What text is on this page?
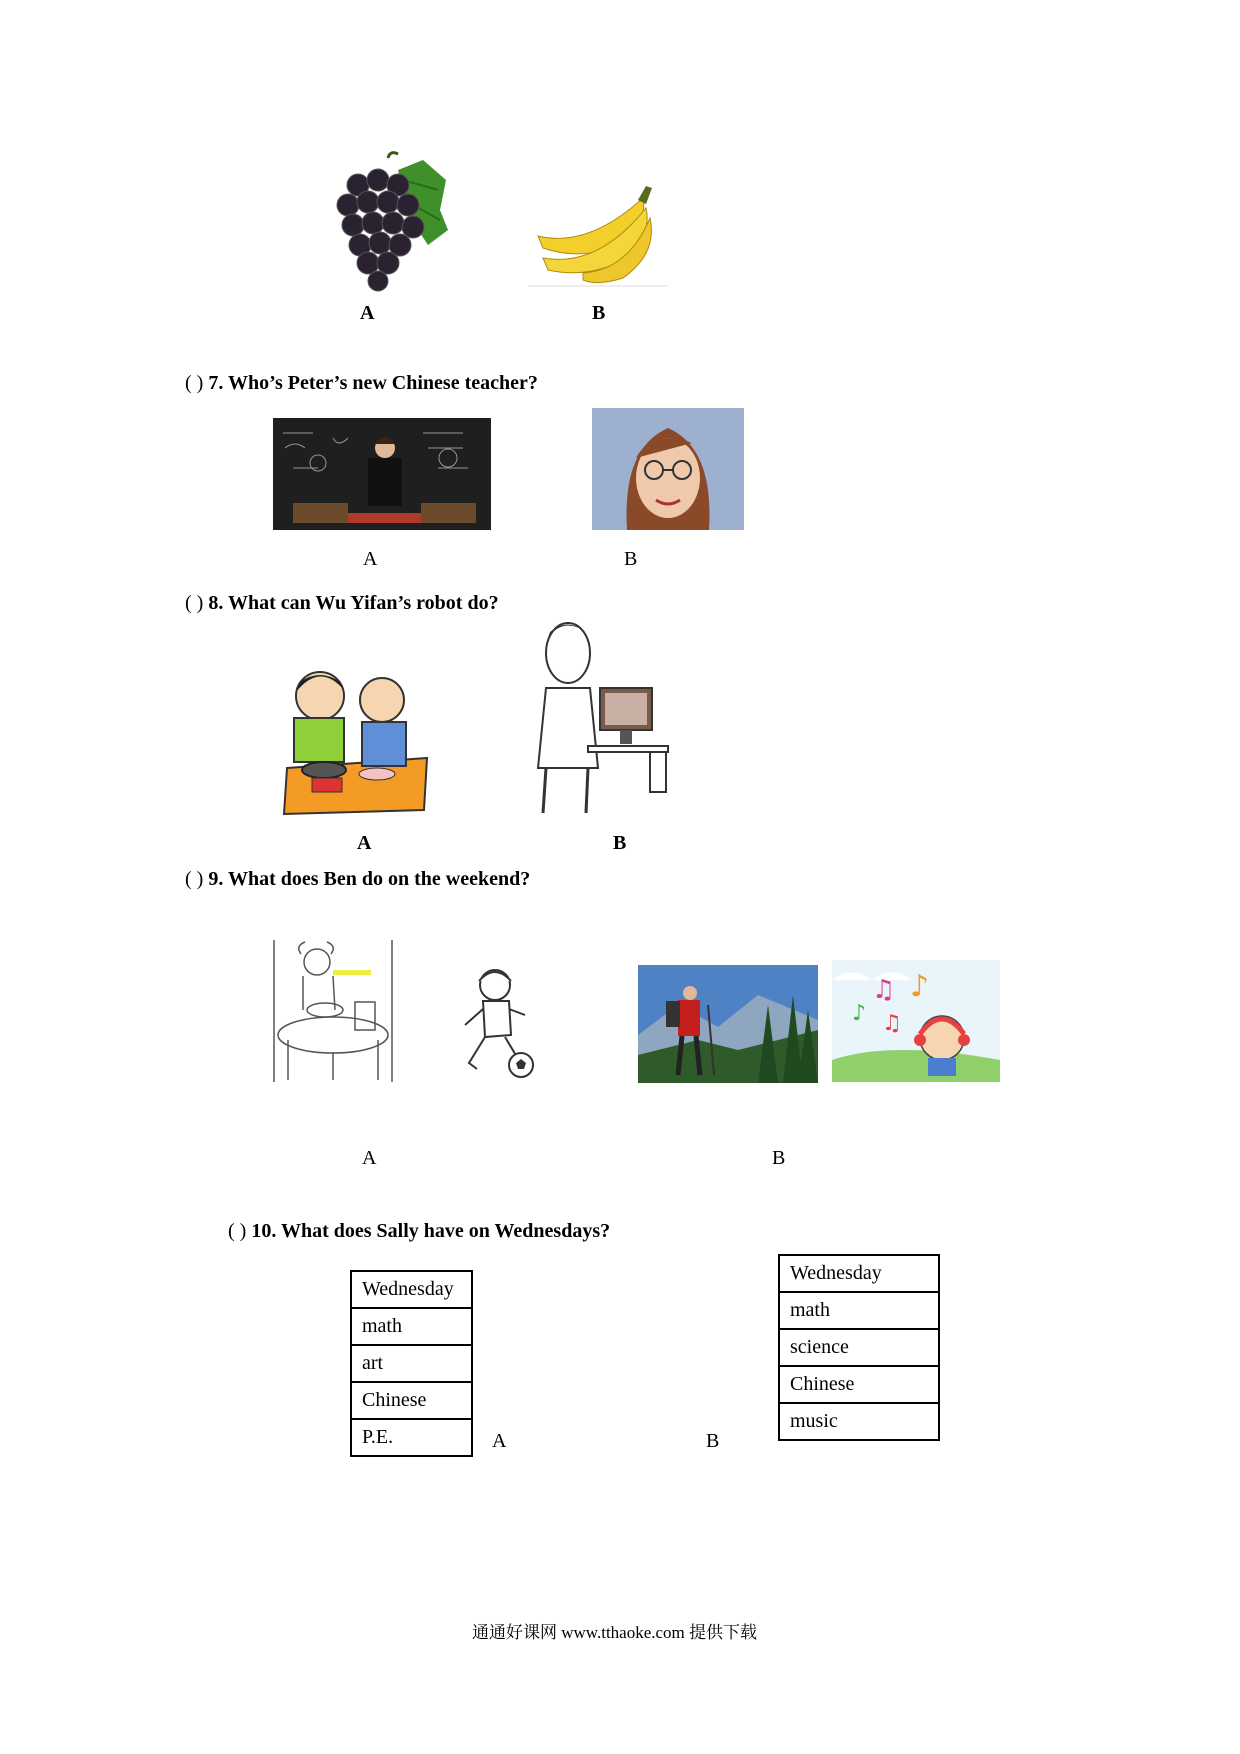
A	B
( ) 7. Who’s Peter’s new Chinese teacher?
A	B
( ) 8. What can Wu Yifan’s robot do?
A	B
( ) 9. What does Ben do on the weekend?
♫ ♪
♪ ♫
A	B
( ) 10. What does Sally have on Wednesdays?
Wednesday
math
art
Chinese
P.E.	A	B
Wednesday
math
science
Chinese
music
通通好课网 www.tthaoke.com 提供下载
